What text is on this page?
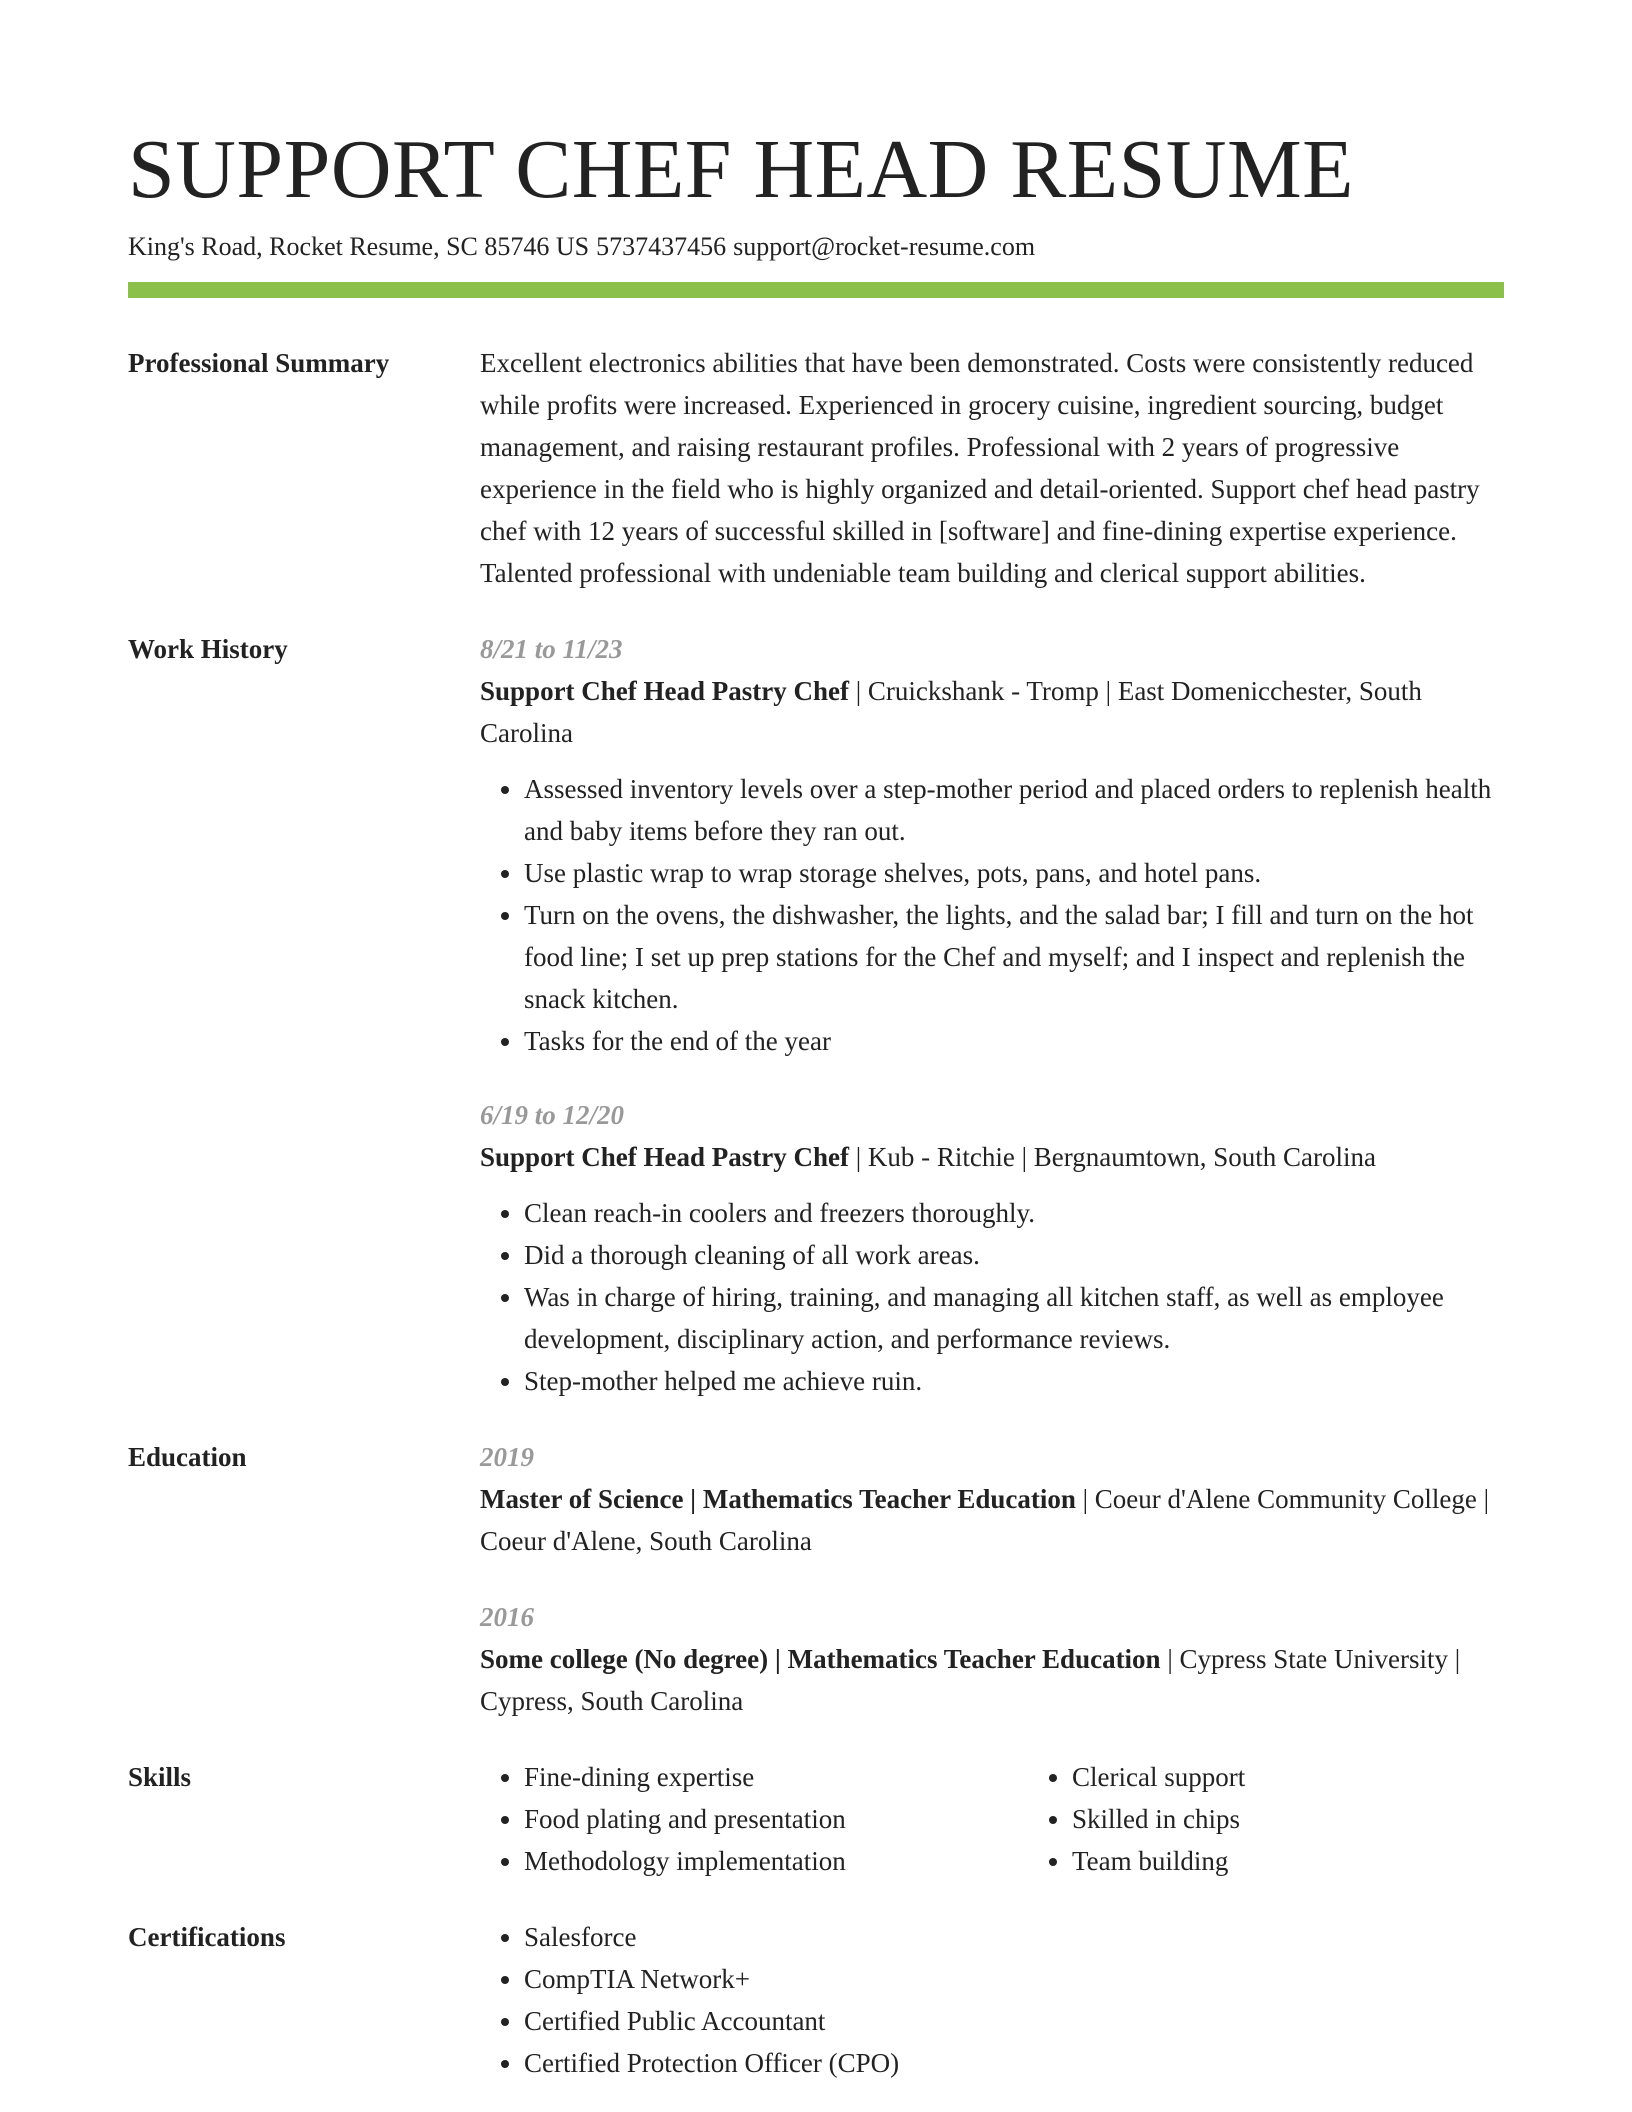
SUPPORT CHEF HEAD RESUME
King's Road, Rocket Resume, SC 85746 US 5737437456 support@rocket-resume.com
Professional Summary	Excellent electronics abilities that have been demonstrated. Costs were consistently reduced while profits were increased. Experienced in grocery cuisine, ingredient sourcing, budget management, and raising restaurant profiles. Professional with 2 years of progressive experience in the field who is highly organized and detail-oriented. Support chef head pastry chef with 12 years of successful skilled in [software] and fine-dining expertise experience. Talented professional with undeniable team building and clerical support abilities.

Work History	8/21 to 11/23
Support Chef Head Pastry Chef | Cruickshank - Tromp | East Domenicchester, South Carolina
• Assessed inventory levels over a step-mother period and placed orders to replenish health and baby items before they ran out.
• Use plastic wrap to wrap storage shelves, pots, pans, and hotel pans.
• Turn on the ovens, the dishwasher, the lights, and the salad bar; I fill and turn on the hot food line; I set up prep stations for the Chef and myself; and I inspect and replenish the snack kitchen.
• Tasks for the end of the year
6/19 to 12/20
Support Chef Head Pastry Chef | Kub - Ritchie | Bergnaumtown, South Carolina
• Clean reach-in coolers and freezers thoroughly.
• Did a thorough cleaning of all work areas.
• Was in charge of hiring, training, and managing all kitchen staff, as well as employee development, disciplinary action, and performance reviews.
• Step-mother helped me achieve ruin.
Education	2019
Master of Science | Mathematics Teacher Education | Coeur d'Alene Community College | Coeur d'Alene, South Carolina
2016
Some college (No degree) | Mathematics Teacher Education | Cypress State University | Cypress, South Carolina
Skills	• Fine-dining expertise
• Food plating and presentation
• Methodology implementation
• Clerical support
• Skilled in chips
• Team building
Certifications	• Salesforce
• CompTIA Network+
• Certified Public Accountant
• Certified Protection Officer (CPO)
